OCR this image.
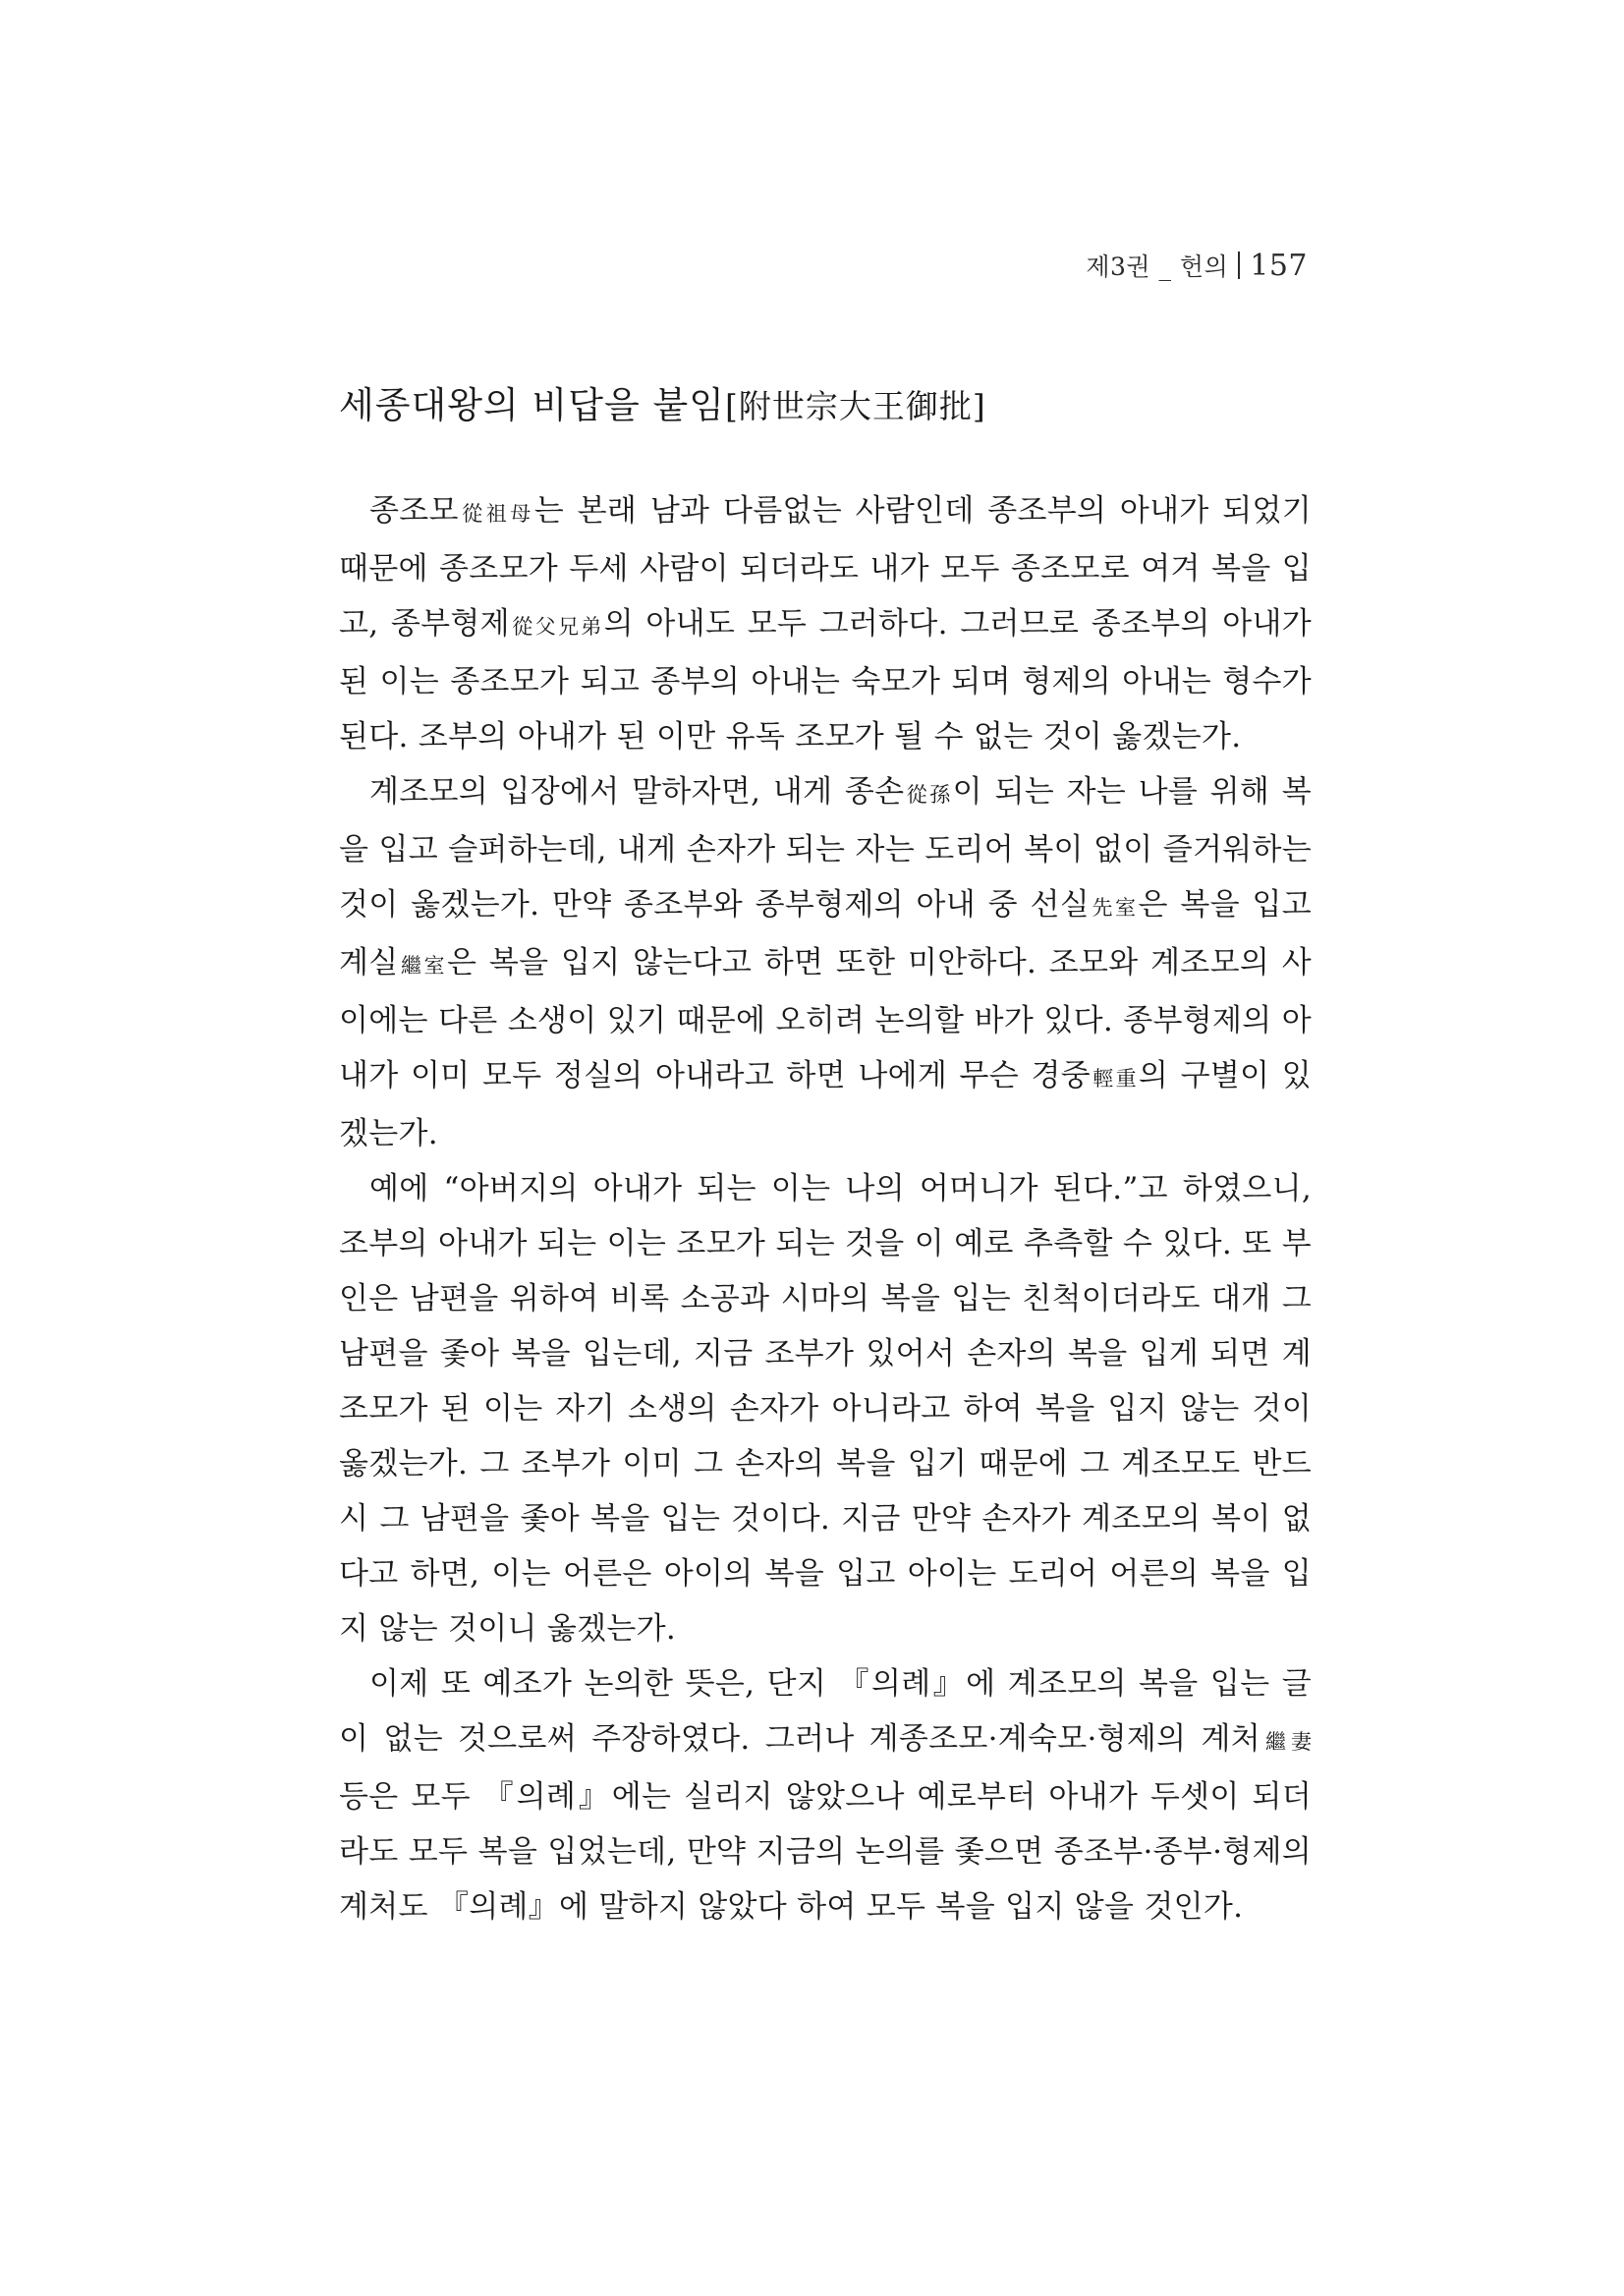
제3권 _ 헌의 157
세종대왕의 비답을 붙임[附世宗大王御批]

종조모從祖母는 본래 남과 다름없는 사람인데 종조부의 아내가 되었기 때문에 종조모가 두세 사람이 되더라도 내가 모두 종조모로 여겨 복을 입고, 종부형제從父兄弟의 아내도 모두 그러하다. 그러므로 종조부의 아내가 된 이는 종조모가 되고 종부의 아내는 숙모가 되며 형제의 아내는 형수가 된다. 조부의 아내가 된 이만 유독 조모가 될 수 없는 것이 옳겠는가.

계조모의 입장에서 말하자면, 내게 종손從孫이 되는 자는 나를 위해 복을 입고 슬퍼하는데, 내게 손자가 되는 자는 도리어 복이 없이 즐거워하는 것이 옳겠는가. 만약 종조부와 종부형제의 아내 중 선실先室은 복을 입고 계실繼室은 복을 입지 않는다고 하면 또한 미안하다. 조모와 계조모의 사이에는 다른 소생이 있기 때문에 오히려 논의할 바가 있다. 종부형제의 아내가 이미 모두 정실의 아내라고 하면 나에게 무슨 경중輕重의 구별이 있겠는가.

예에 “아버지의 아내가 되는 이는 나의 어머니가 된다.”고 하였으니, 조부의 아내가 되는 이는 조모가 되는 것을 이 예로 추측할 수 있다. 또 부인은 남편을 위하여 비록 소공과 시마의 복을 입는 친척이더라도 대개 그 남편을 좇아 복을 입는데, 지금 조부가 있어서 손자의 복을 입게 되면 계조모가 된 이는 자기 소생의 손자가 아니라고 하여 복을 입지 않는 것이 옳겠는가. 그 조부가 이미 그 손자의 복을 입기 때문에 그 계조모도 반드시 그 남편을 좇아 복을 입는 것이다. 지금 만약 손자가 계조모의 복이 없다고 하면, 이는 어른은 아이의 복을 입고 아이는 도리어 어른의 복을 입지 않는 것이니 옳겠는가.

이제 또 예조가 논의한 뜻은, 단지 『의례』에 계조모의 복을 입는 글이 없는 것으로써 주장하였다. 그러나 계종조모·계숙모·형제의 계처繼妻 등은 모두 『의례』에는 실리지 않았으나 예로부터 아내가 두셋이 되더라도 모두 복을 입었는데, 만약 지금의 논의를 좇으면 종조부·종부·형제의 계처도 『의례』에 말하지 않았다 하여 모두 복을 입지 않을 것인가.
